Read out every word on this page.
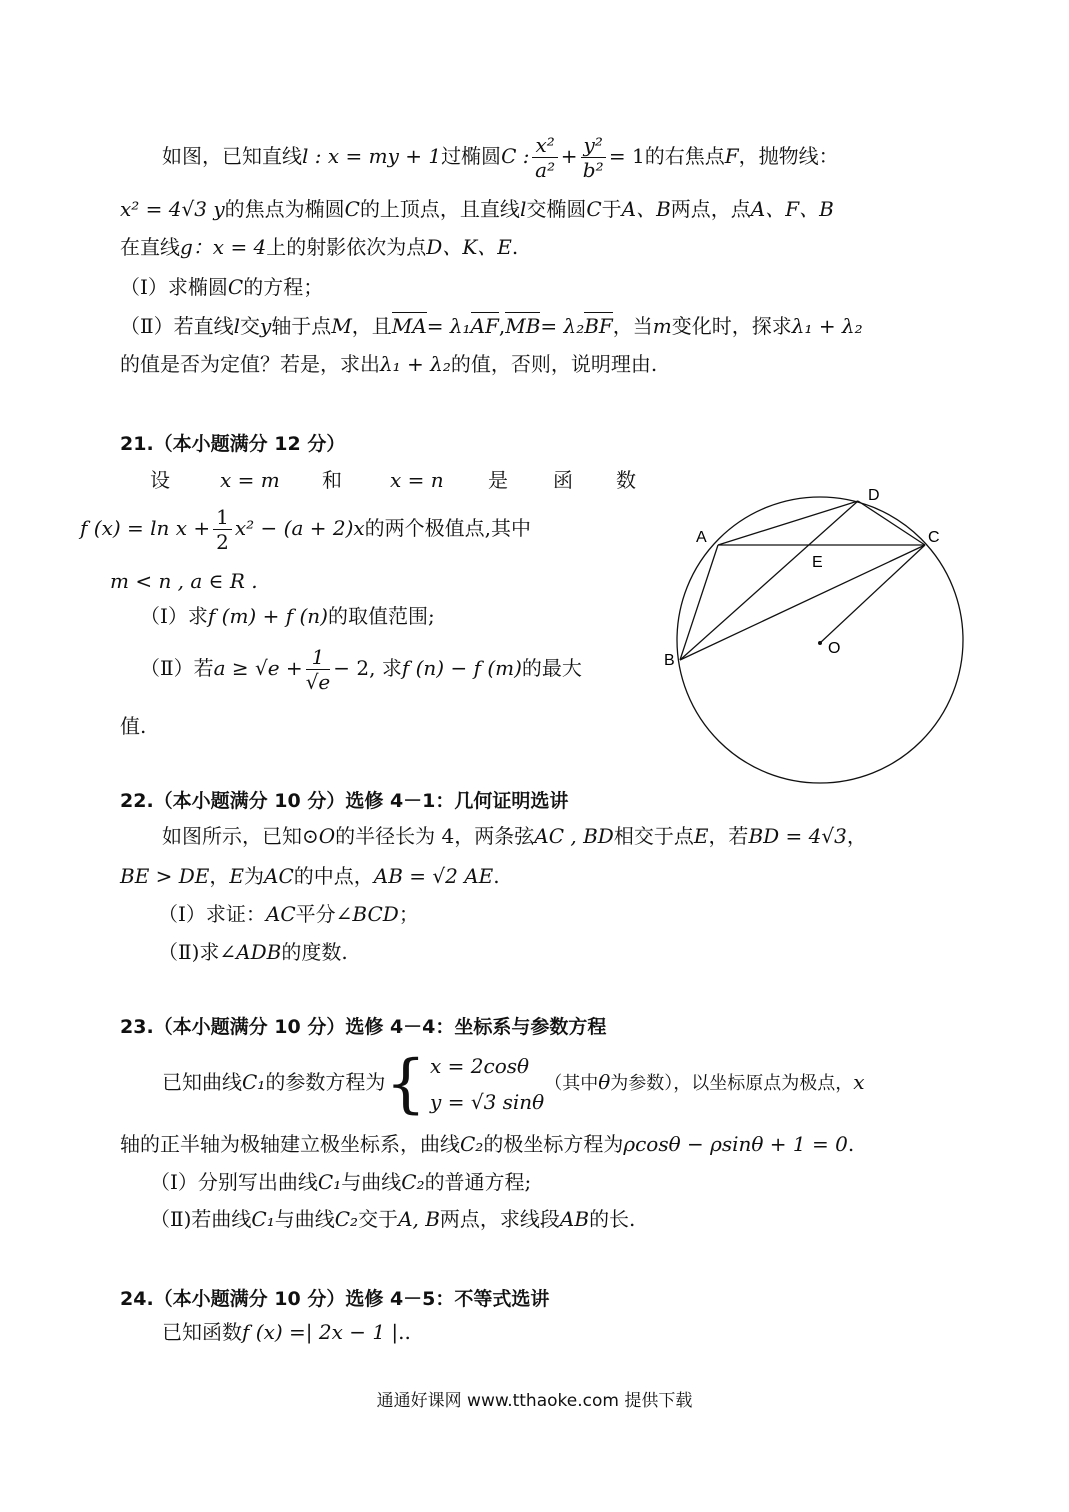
如图，已知直线l : x = my + 1过椭圆C : $\frac{\text{x²}}{\text{a²}} + \frac{\text{y²}}{\text{b²}} = 1$的右焦点F，抛物线：
x² = 4√3 y的焦点为椭圆C的上顶点，且直线l交椭圆C于A、B两点，点A、F、B
在直线g：x = 4上的射影依次为点D、K、E.
（Ⅰ）求椭圆C的方程；
（Ⅱ）若直线l交y轴于点M，且MA= λ₁AF,MB= λ₂BF，当m变化时，探求λ₁ + λ₂
的值是否为定值？若是，求出λ₁ + λ₂的值，否则，说明理由.
21.（本小题满分 12 分）
设	x = m 和 x = n 是 函 数
f $(x) = \ln x + \frac{1}{2} x^2 - (a + 2)x$的两个极值点,其中
m < n , a ∈ R .
（Ⅰ）求f (m) + f (n)的取值范围;
（Ⅱ）若$a \ge √e + \frac{1}{√e} - 2$, 求f (n) − f (m)的最大
值.
A
B
C
D
E
O
22.（本小题满分 10 分）选修 4－1：几何证明选讲
如图所示，已知⊙O的半径长为 4，两条弦AC , BD相交于点E，若BD = 4√3，
BE > DE，E为AC的中点，AB = √2 AE.
（Ⅰ）求证：AC平分∠BCD；
（Ⅱ)求∠ADB的度数.
23.（本小题满分 10 分）选修 4－4：坐标系与参数方程
已知曲线C₁的参数方程为{ x = 2cosθ
y = √3 sinθ
（其中θ为参数），以坐标原点为极点，x
轴的正半轴为极轴建立极坐标系，曲线C₂的极坐标方程为ρcosθ − ρsinθ + 1 = 0.
（Ⅰ）分别写出曲线C₁与曲线C₂的普通方程;
（Ⅱ)若曲线C₁与曲线C₂交于A, B两点，求线段AB的长.
24.（本小题满分 10 分）选修 4－5：不等式选讲
已知函数f (x) =| 2x − 1 |..
通通好课网 www.tthaoke.com 提供下载
